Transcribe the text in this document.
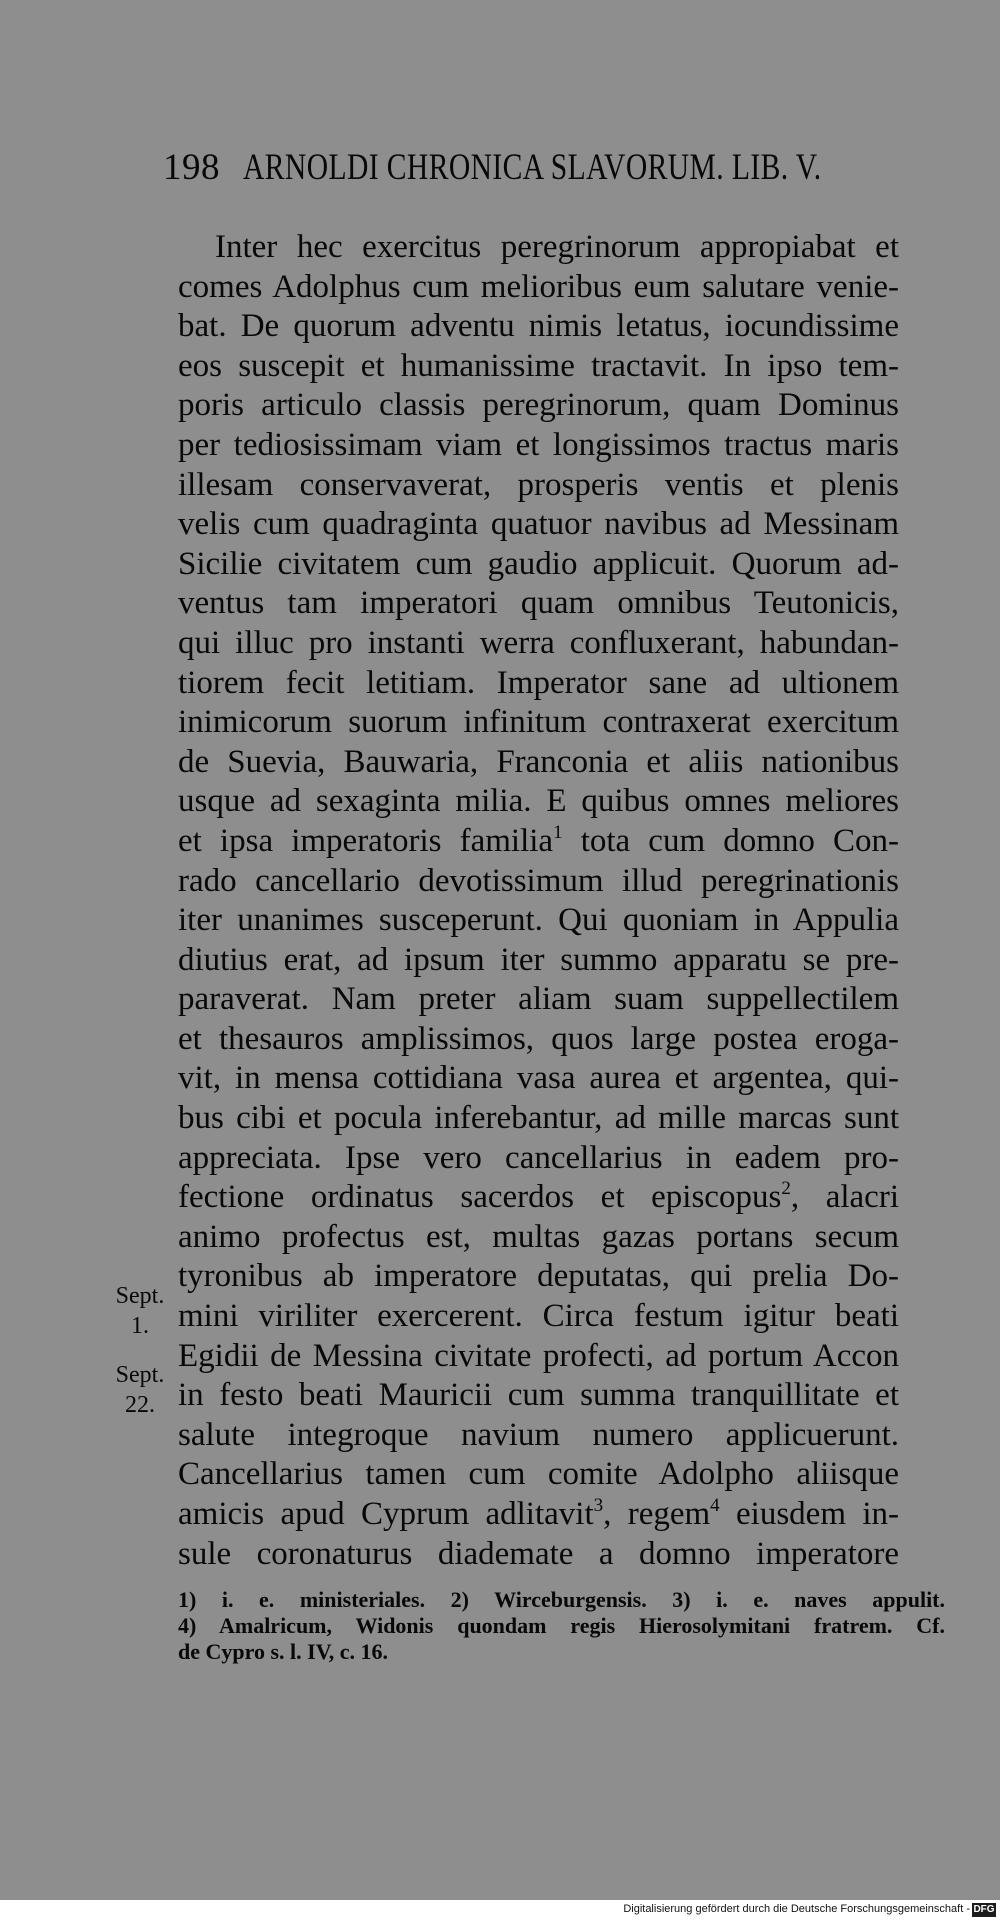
198 ARNOLDI CHRONICA SLAVORUM. LIB. V.
Inter hec exercitus peregrinorum appropiabat et
comes Adolphus cum melioribus eum salutare venie-
bat. De quorum adventu nimis letatus, iocundissime
eos suscepit et humanissime tractavit. In ipso tem-
poris articulo classis peregrinorum, quam Dominus
per tediosissimam viam et longissimos tractus maris
illesam conservaverat, prosperis ventis et plenis
velis cum quadraginta quatuor navibus ad Messinam
Sicilie civitatem cum gaudio applicuit. Quorum ad-
ventus tam imperatori quam omnibus Teutonicis,
qui illuc pro instanti werra confluxerant, habundan-
tiorem fecit letitiam. Imperator sane ad ultionem
inimicorum suorum infinitum contraxerat exercitum
de Suevia, Bauwaria, Franconia et aliis nationibus
usque ad sexaginta milia. E quibus omnes meliores
et ipsa imperatoris familia$^1$ tota cum domno Con-
rado cancellario devotissimum illud peregrinationis
iter unanimes susceperunt. Qui quoniam in Appulia
diutius erat, ad ipsum iter summo apparatu se pre-
paraverat. Nam preter aliam suam suppellectilem
et thesauros amplissimos, quos large postea eroga-
vit, in mensa cottidiana vasa aurea et argentea, qui-
bus cibi et pocula inferebantur, ad mille marcas sunt
appreciata. Ipse vero cancellarius in eadem pro-
fectione ordinatus sacerdos et episcopus$^2$, alacri
animo profectus est, multas gazas portans secum
tyronibus ab imperatore deputatas, qui prelia Do-
mini viriliter exercerent. Circa festum igitur beati
Egidii de Messina civitate profecti, ad portum Accon
in festo beati Mauricii cum summa tranquillitate et
salute integroque navium numero applicuerunt.
Cancellarius tamen cum comite Adolpho aliisque
amicis apud Cyprum adlitavit$^3$, regem$^4$ eiusdem in-
sule coronaturus diademate a domno imperatore
Sept.
1.
Sept.
22.
1) i. e. ministeriales. 2) Wirceburgensis. 3) i. e. naves appulit.
4) Amalricum, Widonis quondam regis Hierosolymitani fratrem. Cf.
de Cypro s. l. IV, c. 16.
Digitalisierung gefördert durch die Deutsche Forschungsgemeinschaft - DFG
